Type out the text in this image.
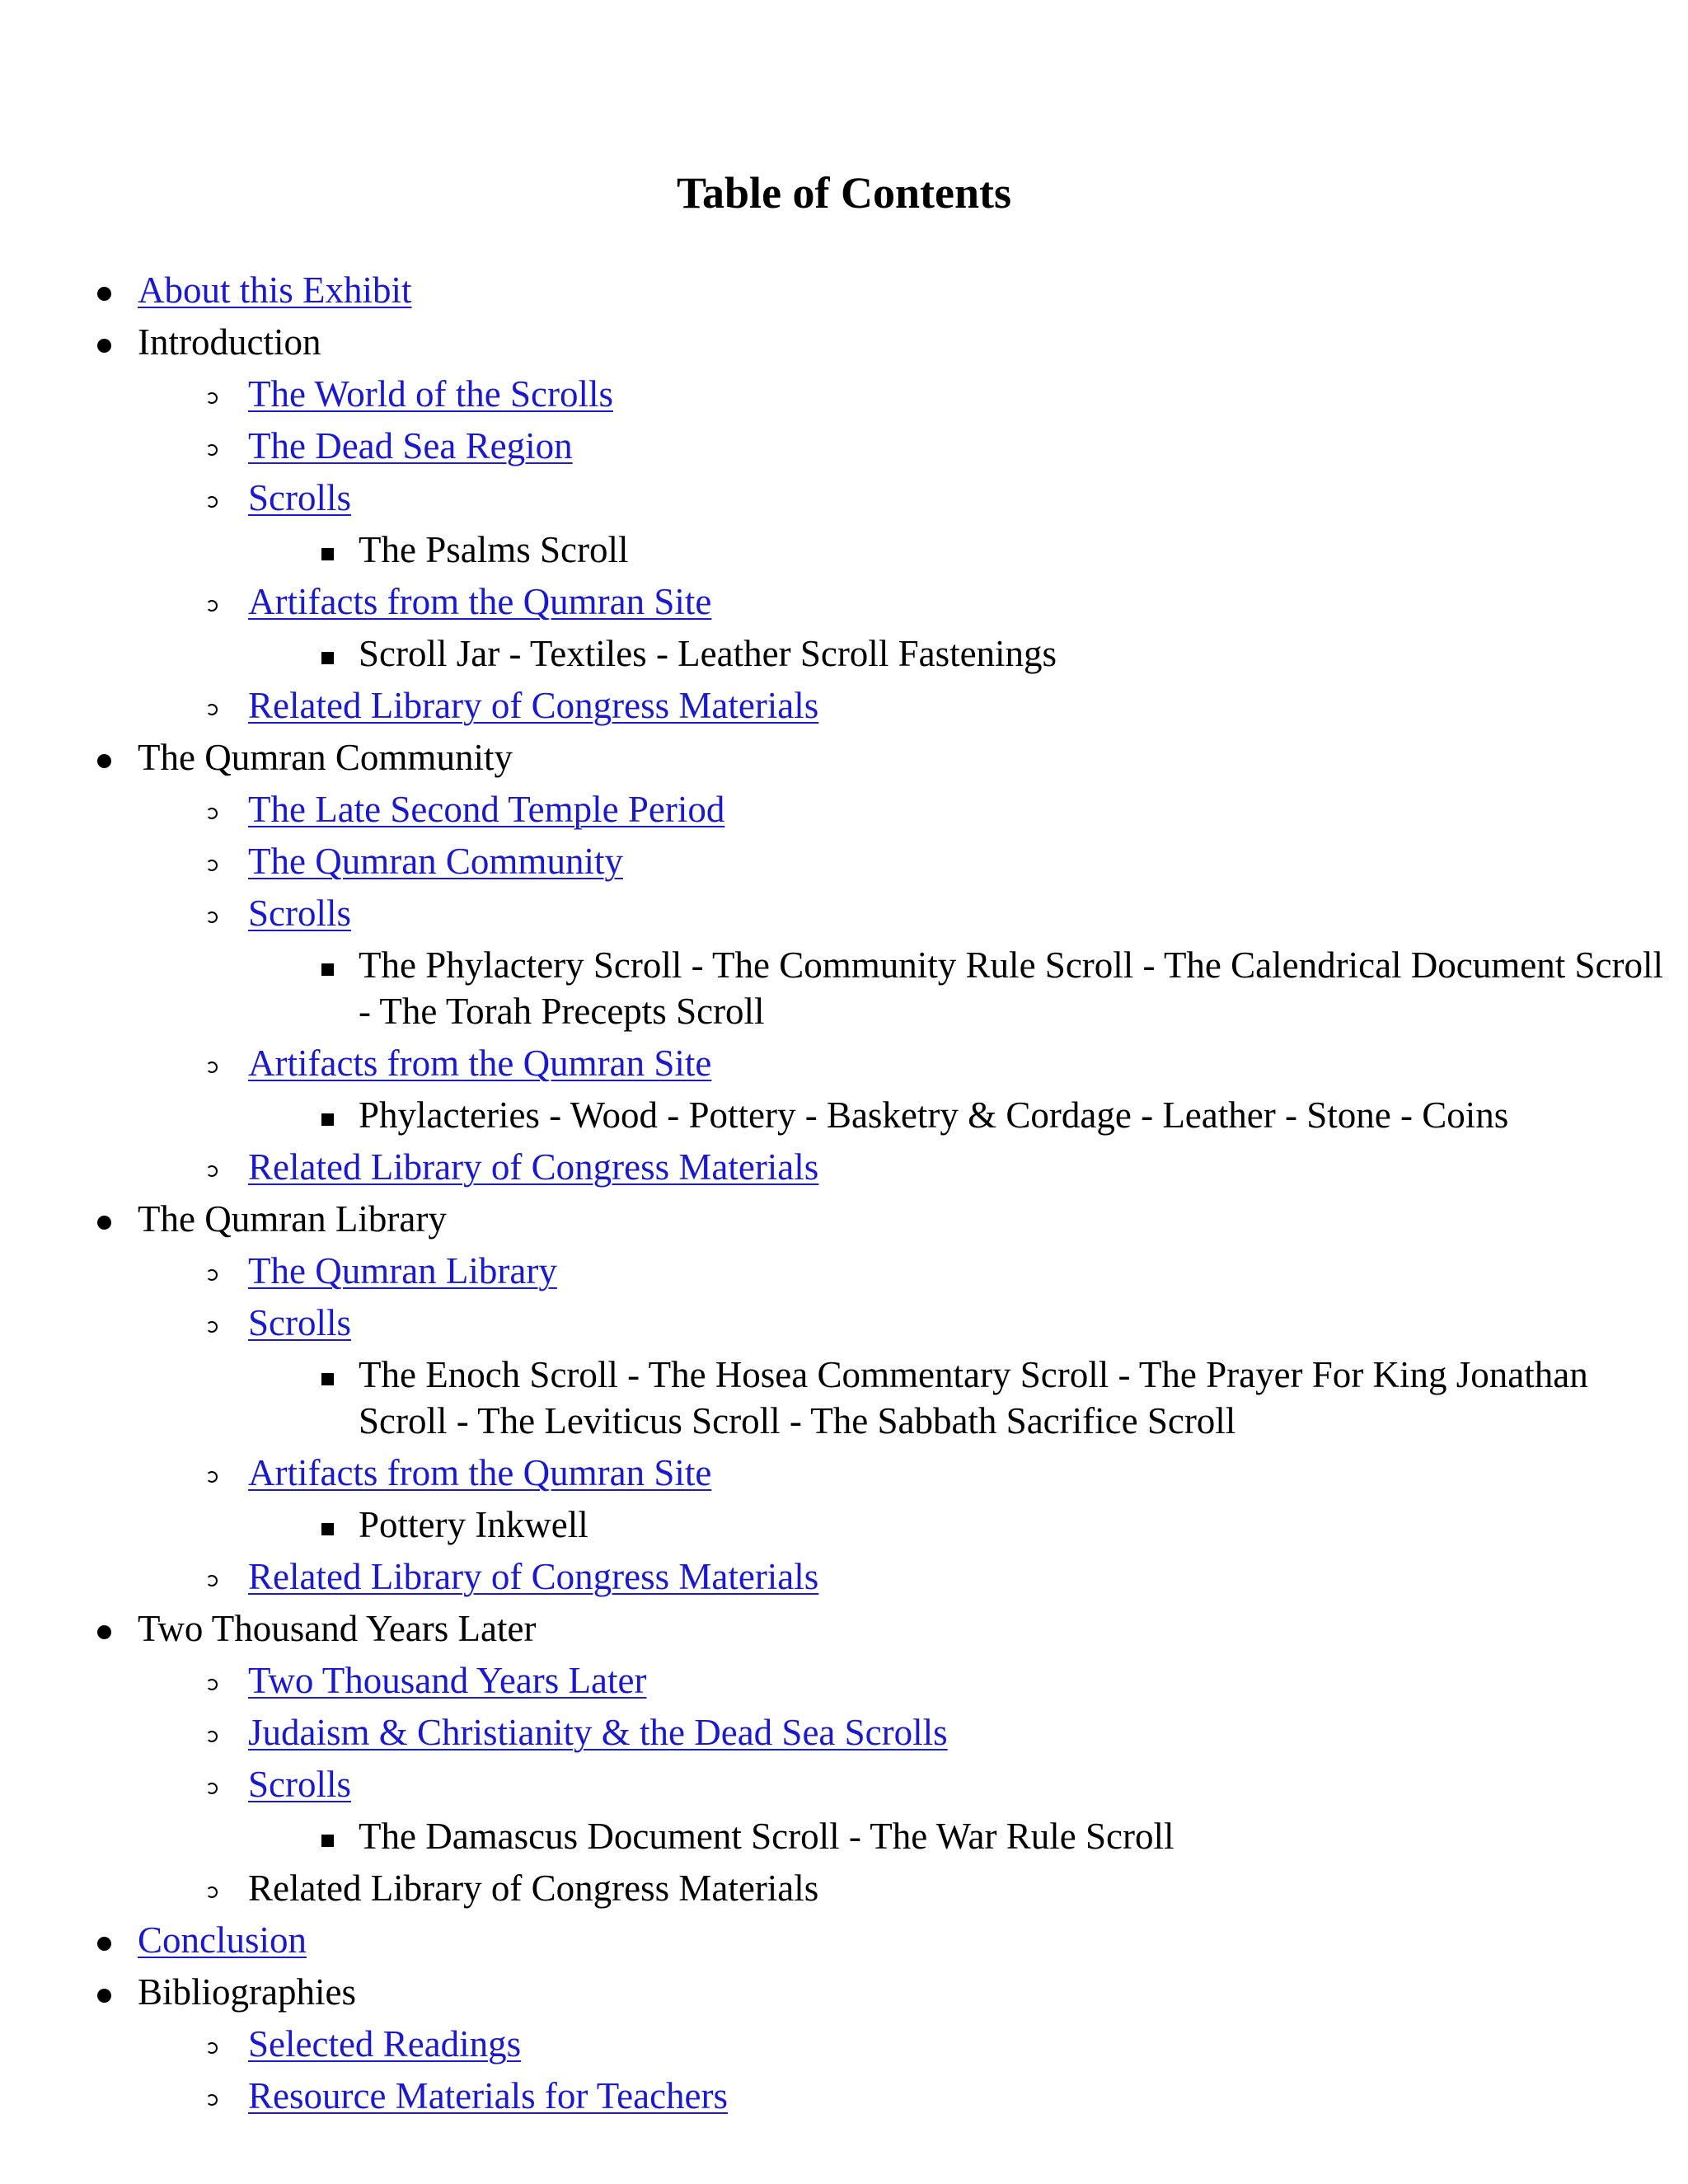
Table of Contents
About this Exhibit
Introduction
The World of the Scrolls
The Dead Sea Region
Scrolls
The Psalms Scroll
Artifacts from the Qumran Site
Scroll Jar - Textiles - Leather Scroll Fastenings
Related Library of Congress Materials
The Qumran Community
The Late Second Temple Period
The Qumran Community
Scrolls
The Phylactery Scroll - The Community Rule Scroll - The Calendrical Document Scroll - The Torah Precepts Scroll
Artifacts from the Qumran Site
Phylacteries - Wood - Pottery - Basketry & Cordage - Leather - Stone - Coins
Related Library of Congress Materials
The Qumran Library
The Qumran Library
Scrolls
The Enoch Scroll - The Hosea Commentary Scroll - The Prayer For King Jonathan Scroll - The Leviticus Scroll - The Sabbath Sacrifice Scroll
Artifacts from the Qumran Site
Pottery Inkwell
Related Library of Congress Materials
Two Thousand Years Later
Two Thousand Years Later
Judaism & Christianity & the Dead Sea Scrolls
Scrolls
The Damascus Document Scroll - The War Rule Scroll
Related Library of Congress Materials
Conclusion
Bibliographies
Selected Readings
Resource Materials for Teachers
